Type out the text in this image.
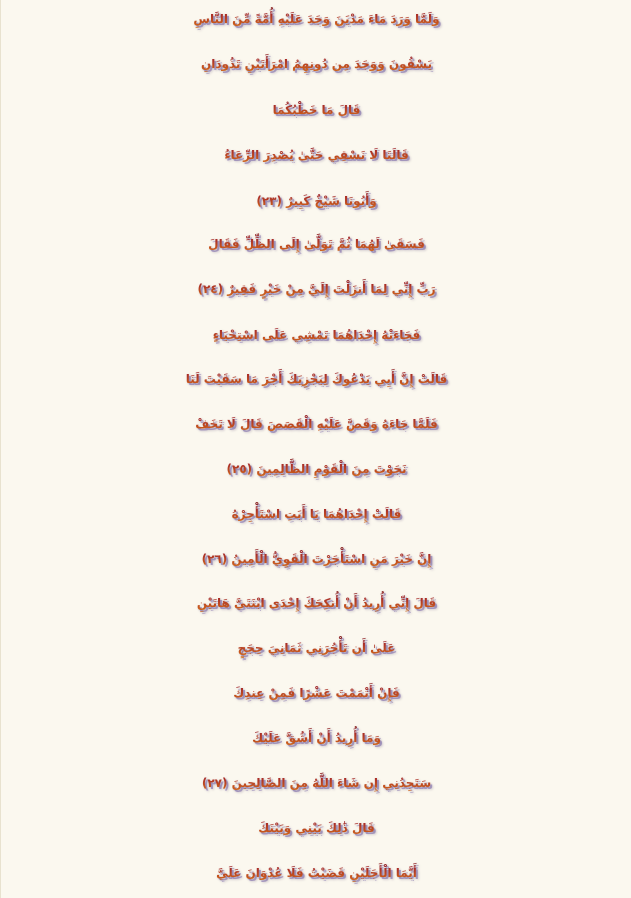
وَلَمَّا وَرَدَ مَاءَ مَدْيَنَ وَجَدَ عَلَيْهِ أُمَّةً مِّنَ النَّاسِ
يَسْقُونَ وَوَجَدَ مِن دُونِهِمُ امْرَأَتَيْنِ تَذُودَانِ
قَالَ مَا خَطْبُكُمَا
قَالَتَا لَا نَسْقِي حَتَّىٰ يُصْدِرَ الرِّعَاءُ
وَأَبُونَا شَيْخٌ كَبِيرٌ (٢٣)
فَسَقَىٰ لَهُمَا ثُمَّ تَوَلَّىٰ إِلَى الظِّلِّ فَقَالَ
رَبِّ إِنِّي لِمَا أَنزَلْتَ إِلَيَّ مِنْ خَيْرٍ فَقِيرٌ (٢٤)
فَجَاءَتْهُ إِحْدَاهُمَا تَمْشِي عَلَى اسْتِحْيَاءٍ
قَالَتْ إِنَّ أَبِي يَدْعُوكَ لِيَجْزِيَكَ أَجْرَ مَا سَقَيْتَ لَنَا
فَلَمَّا جَاءَهُ وَقَصَّ عَلَيْهِ الْقَصَصَ قَالَ لَا تَخَفْ
نَجَوْتَ مِنَ الْقَوْمِ الظَّالِمِينَ (٢٥)
قَالَتْ إِحْدَاهُمَا يَا أَبَتِ اسْتَأْجِرْهُ
إِنَّ خَيْرَ مَنِ اسْتَأْجَرْتَ الْقَوِيُّ الْأَمِينُ (٢٦)
قَالَ إِنِّي أُرِيدُ أَنْ أُنكِحَكَ إِحْدَى ابْنَتَيَّ هَاتَيْنِ
عَلَىٰ أَن تَأْجُرَنِي ثَمَانِيَ حِجَجٍ
فَإِنْ أَتْمَمْتَ عَشْرًا فَمِنْ عِندِكَ
وَمَا أُرِيدُ أَنْ أَشُقَّ عَلَيْكَ
سَتَجِدُنِي إِن شَاءَ اللَّهُ مِنَ الصَّالِحِينَ (٢٧)
قَالَ ذَٰلِكَ بَيْنِي وَبَيْنَكَ
أَيَّمَا الْأَجَلَيْنِ قَضَيْتُ فَلَا عُدْوَانَ عَلَيَّ
